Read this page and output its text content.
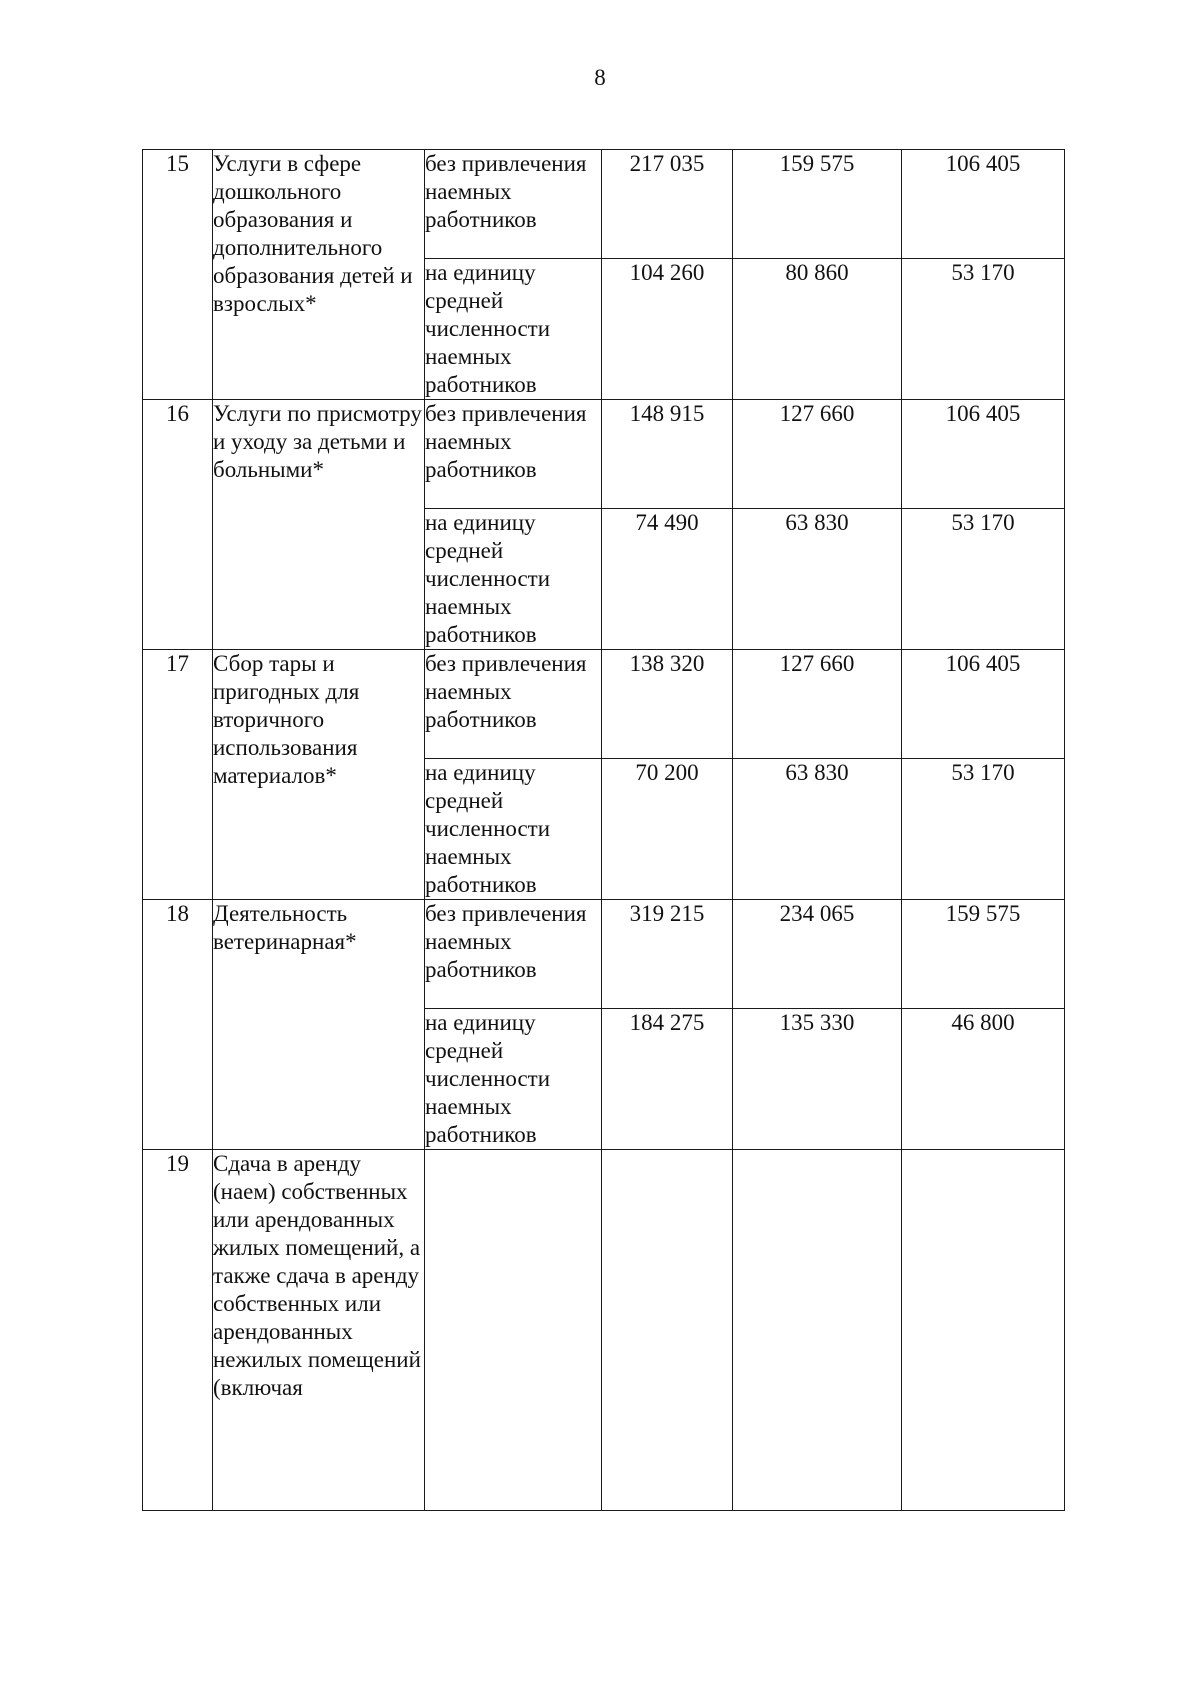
8
15	Услуги в сфере дошкольного образования и дополнительного образования детей и взрослых*	без привлечения наемных работников	217 035	159 575	106 405
		на единицу средней численности наемных работников	104 260	80 860	53 170
16	Услуги по присмотру и уходу за детьми и больными*	без привлечения наемных работников	148 915	127 660	106 405
		на единицу средней численности наемных работников	74 490	63 830	53 170
17	Сбор тары и пригодных для вторичного использования материалов*	без привлечения наемных работников	138 320	127 660	106 405
		на единицу средней численности наемных работников	70 200	63 830	53 170
18	Деятельность ветеринарная*	без привлечения наемных работников	319 215	234 065	159 575
		на единицу средней численности наемных работников	184 275	135 330	46 800
19	Сдача в аренду (наем) собственных или арендованных жилых помещений, а также сдача в аренду собственных или арендованных нежилых помещений (включая				
